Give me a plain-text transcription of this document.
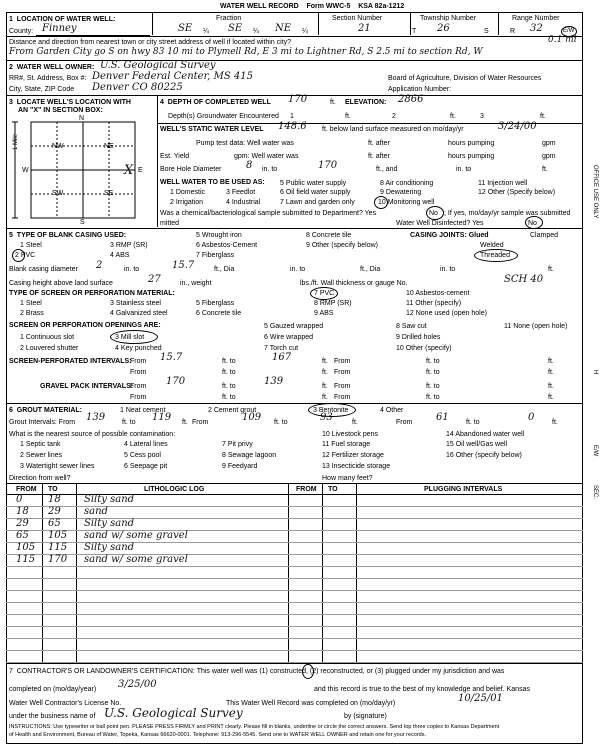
WATER WELL RECORD Form WWC-5 KSA 82a-1212
OFFICE USE ONLY
H
E/W
SEC.
1  LOCATION OF WATER WELL:	Fraction	Section Number	Township Number	Range Number
County: Finney	SE ¼ SE ¼ NE ¼	21	T 26	S	R 32	E/W
Distance and direction from nearest town or city street address of well if located within city?	0.1 mi
From Garden City go S on hwy 83 10 mi to Plymell Rd, E 3 mi to Lightner Rd, S 2.5 mi to section Rd, W
2  WATER WELL OWNER: U.S. Geological Survey
RR#, St. Address, Box #: Denver Federal Center, MS 415	Board of Agriculture, Division of Water Resources
City, State, ZIP Code Denver CO 80225	Application Number:
3  LOCATE WELL'S LOCATION WITH
AN "X" IN SECTION BOX:
N
S
W	E
NW	NE
SW	SE
1 Mile
X
4  DEPTH OF COMPLETED WELL 170	ft. ELEVATION: 2866
Depth(s) Groundwater Encountered 1	ft.	2	ft.	3	ft.
WELL'S STATIC WATER LEVEL 148.6 ft. below land surface measured on mo/day/yr	3/24/00
Pump test data: Well water was	ft. after	hours pumping	gpm
Est. Yield	gpm: Well water was	ft. after	hours pumping	gpm
Bore Hole Diameter 8 in. to	170	ft., and	in. to	ft.
WELL WATER TO BE USED AS:
1 Domestic
2 Irrigation
3 Feedlot
4 Industrial
5 Public water supply
6 Oil field water supply
7 Lawn and garden only
8 Air conditioning
9 Dewatering
10 Monitoring well
11 Injection well
12 Other (Specify below)
Was a chemical/bacteriological sample submitted to Department? Yes	No ; If yes, mo/day/yr sample was submitted
mitted	Water Well Disinfected? Yes	No
5  TYPE OF BLANK CASING USED:
1 Steel
2 PVC
3 RMP (SR)
4 ABS
5 Wrought iron
6 Asbestos-Cement
7 Fiberglass
8 Concrete tile
9 Other (specify below)
CASING JOINTS: Glued	Clamped
Welded
Threaded
Blank casing diameter 2	in. to	15.7	ft., Dia	in. to	ft., Dia	in. to	ft.
Casing height above land surface	27	in., weight	lbs./ft. Wall thickness or gauge No.	SCH 40
TYPE OF SCREEN OR PERFORATION MATERIAL:
1 Steel
2 Brass
3 Stainless steel
4 Galvanized steel
5 Fiberglass
6 Concrete tile
7 PVC
8 RMP (SR)
9 ABS
10 Asbestos-cement
11 Other (specify)
12 None used (open hole)
SCREEN OR PERFORATION OPENINGS ARE:
1 Continuous slot
2 Louvered shutter
3 Mill slot
4 Key punched
5 Gauzed wrapped
6 Wire wrapped
7 Torch cut
8 Saw cut
9 Drilled holes
10 Other (specify)
11 None (open hole)
SCREEN-PERFORATED INTERVALS:
From 15.7	ft. to	167	ft. From	ft. to	ft.
From	ft. to	ft. From	ft. to	ft.
GRAVEL PACK INTERVALS:
From 170	ft. to	139	ft. From	ft. to	ft.
From	ft. to	ft. From	ft. to	ft.
6  GROUT MATERIAL:	1 Neat cement	2 Cement grout	3 Bentonite	4 Other
Grout Intervals: From 139 ft. to 119 ft. From	109 ft. to	93	ft.	From 61 ft. to	0	ft.
What is the nearest source of possible contamination:
1 Septic tank
2 Sewer lines
3 Watertight sewer lines
4 Lateral lines
5 Cess pool
6 Seepage pit
7 Pit privy
8 Sewage lagoon
9 Feedyard
10 Livestock pens
11 Fuel storage
12 Fertilizer storage
13 Insecticide storage
14 Abandoned water well
15 Oil well/Gas well
16 Other (specify below)
Direction from well?	How many feet?
FROM TO	LITHOLOGIC LOG	FROM TO	PLUGGING INTERVALS
0	18 Silty sand
18 29 sand
29 65 Silty sand
65 105 sand w/ some gravel
105 115 Silty sand
115 170 sand w/ some gravel
7  CONTRACTOR'S OR LANDOWNER'S CERTIFICATION: This water well was (1) constructed, (2) reconstructed, or (3) plugged under my jurisdiction and was
completed on (mo/day/year) 3/25/00	and this record is true to the best of my knowledge and belief. Kansas
Water Well Contractor's License No.	This Water Well Record was completed on (mo/day/yr)	10/25/01
under the business name of U.S. Geological Survey	by (signature)
INSTRUCTIONS: Use typewriter or ball point pen. PLEASE PRESS FIRMLY and PRINT clearly. Please fill in blanks, underline or circle the correct answers. Send top three copies to Kansas Department
of Health and Environment, Bureau of Water, Topeka, Kansas 66620-0001. Telephone: 913-296-5545. Send one to WATER WELL OWNER and retain one for your records.
